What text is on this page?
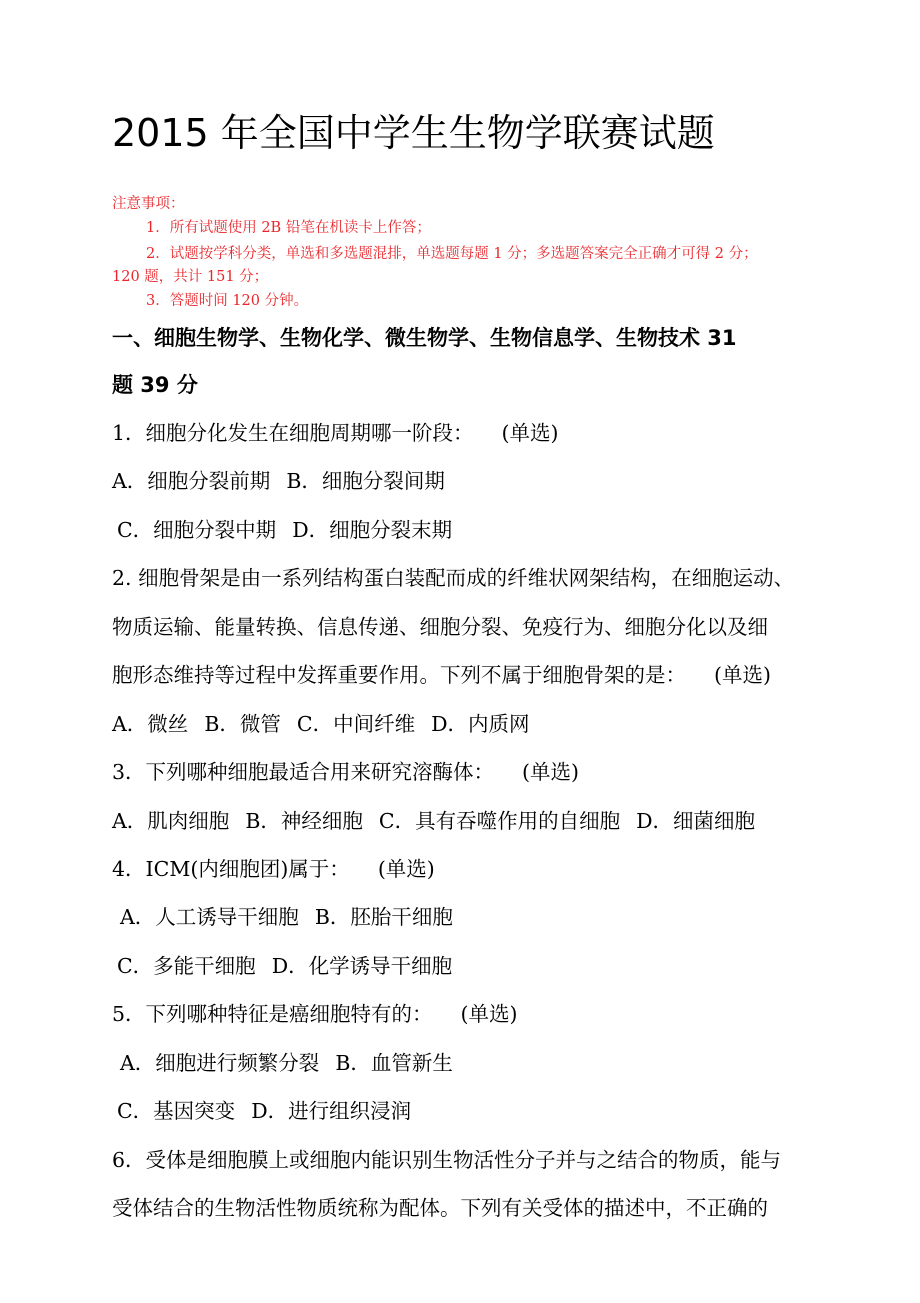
2015 年全国中学生生物学联赛试题
注意事项：
1．所有试题使用 2B 铅笔在机读卡上作答；
2．试题按学科分类，单选和多选题混排，单选题每题 1 分；多选题答案完全正确才可得 2 分；
120 题，共计 151 分；
3．答题时间 120 分钟。
一、细胞生物学、生物化学、微生物学、生物信息学、生物技术 31
题 39 分
1．细胞分化发生在细胞周期哪一阶段： (单选)
A．细胞分裂前期 B．细胞分裂间期
C．细胞分裂中期 D．细胞分裂末期
2. 细胞骨架是由一系列结构蛋白装配而成的纤维状网架结构，在细胞运动、
物质运输、能量转换、信息传递、细胞分裂、免疫行为、细胞分化以及细
胞形态维持等过程中发挥重要作用。下列不属于细胞骨架的是： (单选)
A．微丝 B．微管 C．中间纤维 D．内质网
3．下列哪种细胞最适合用来研究溶酶体： (单选)
A．肌肉细胞 B．神经细胞 C．具有吞噬作用的自细胞 D．细菌细胞
4．ICM(内细胞团)属于： (单选)
A．人工诱导干细胞 B．胚胎干细胞
C．多能干细胞 D．化学诱导干细胞
5．下列哪种特征是癌细胞特有的： (单选)
A．细胞进行频繁分裂 B．血管新生
C．基因突变 D．进行组织浸润
6．受体是细胞膜上或细胞内能识别生物活性分子并与之结合的物质，能与
受体结合的生物活性物质统称为配体。下列有关受体的描述中，不正确的
